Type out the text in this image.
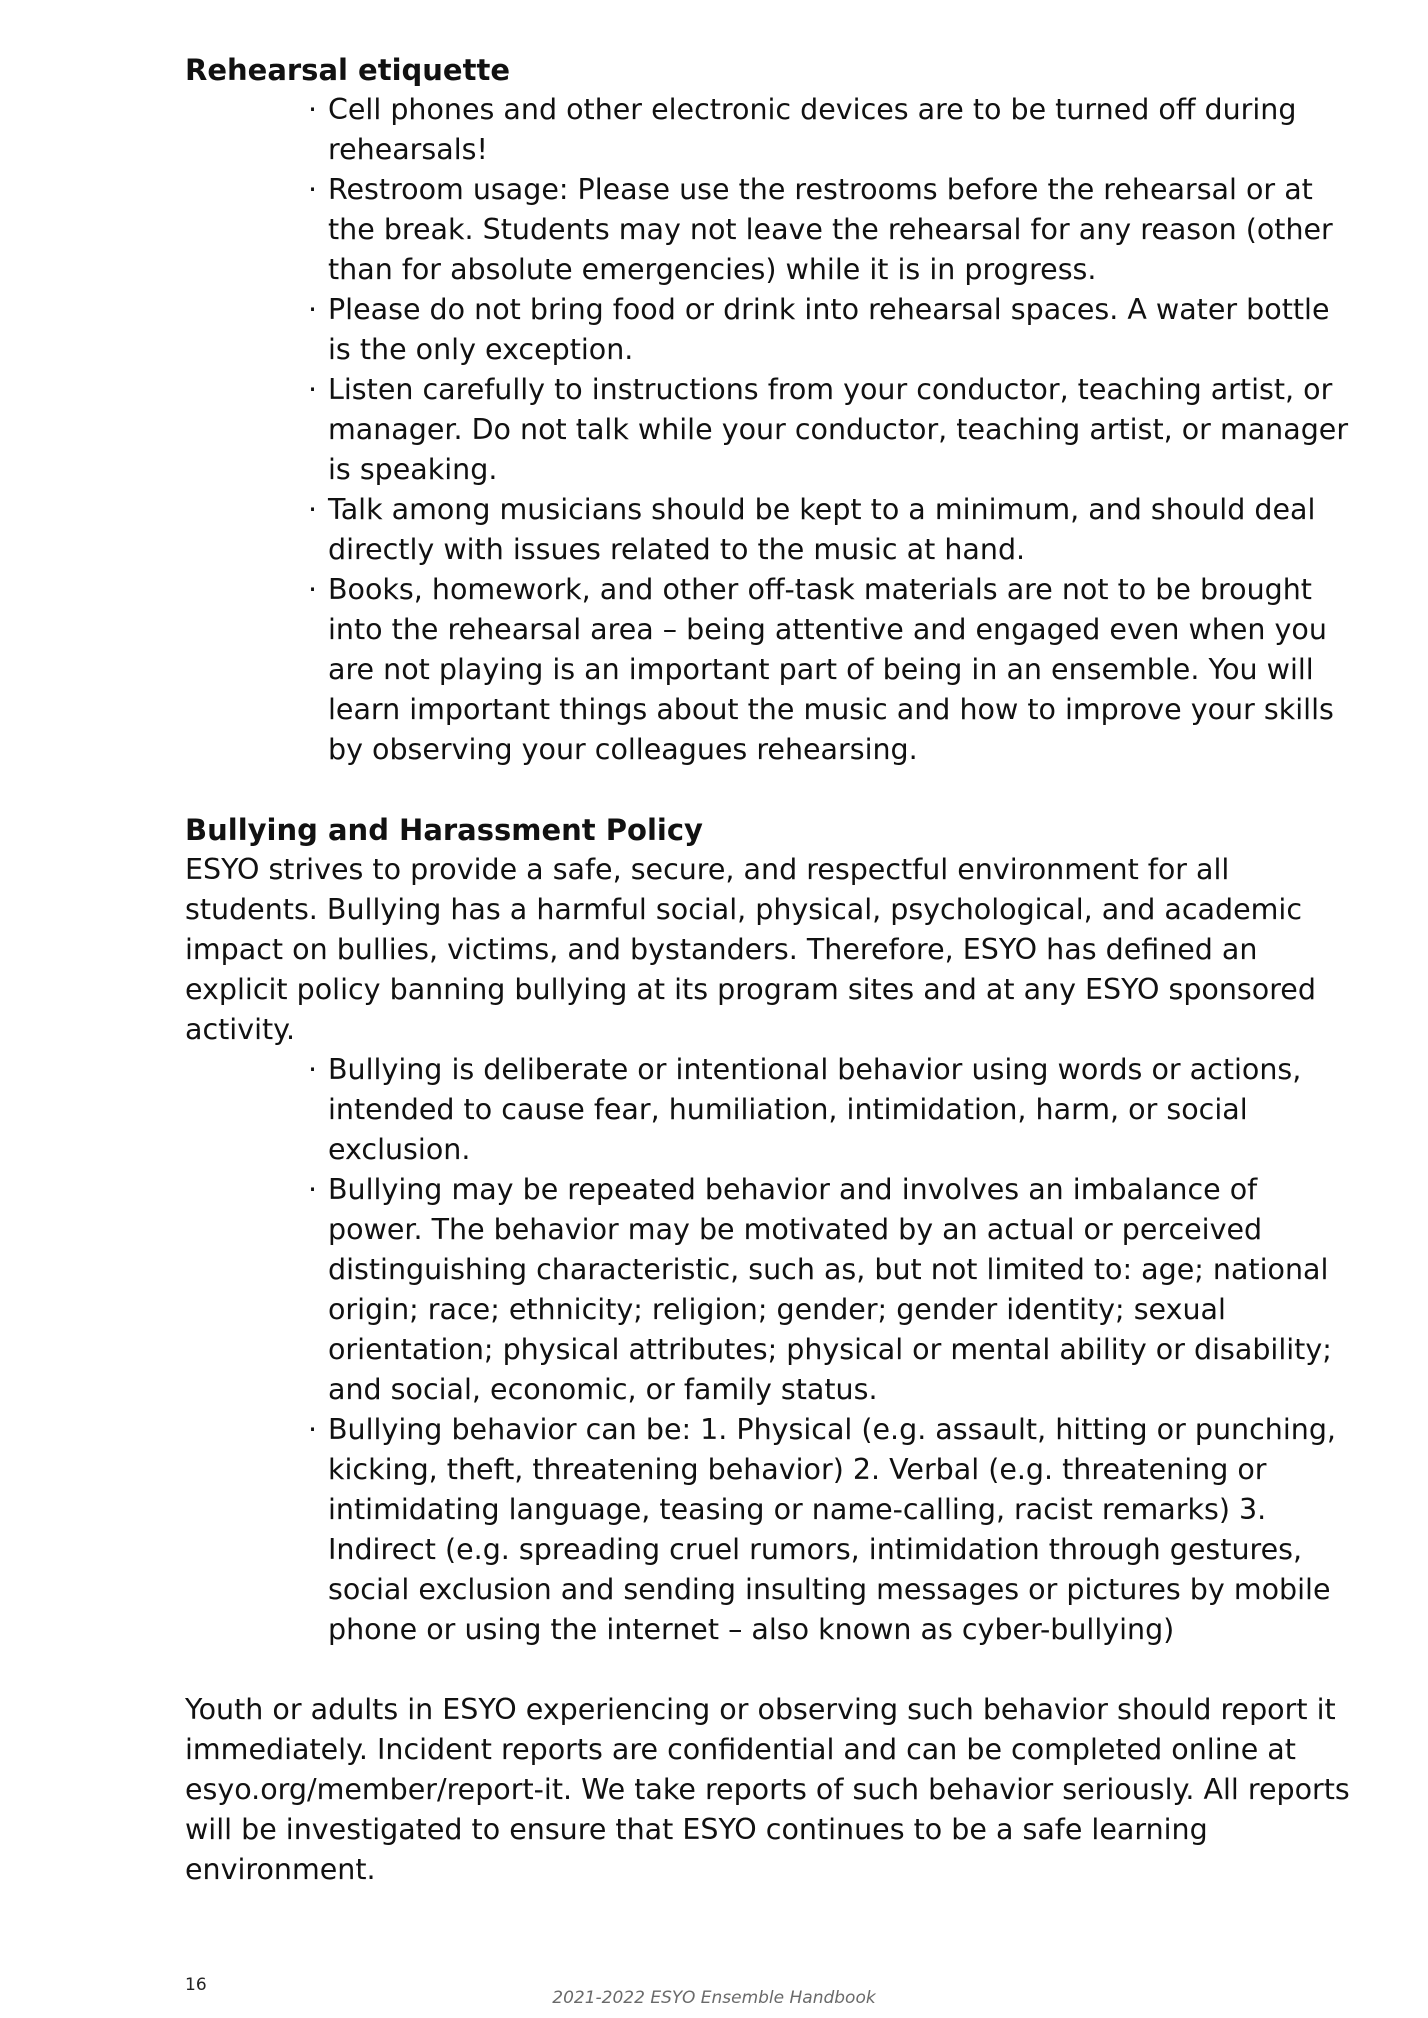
Rehearsal etiquette
· Cell phones and other electronic devices are to be turned off during rehearsals!
· Restroom usage: Please use the restrooms before the rehearsal or at the break. Students may not leave the rehearsal for any reason (other than for absolute emergencies) while it is in progress.
· Please do not bring food or drink into rehearsal spaces. A water bottle is the only exception.
· Listen carefully to instructions from your conductor, teaching artist, or manager. Do not talk while your conductor, teaching artist, or manager is speaking.
· Talk among musicians should be kept to a minimum, and should deal directly with issues related to the music at hand.
· Books, homework, and other off-task materials are not to be brought into the rehearsal area – being attentive and engaged even when you are not playing is an important part of being in an ensemble. You will learn important things about the music and how to improve your skills by observing your colleagues rehearsing.
Bullying and Harassment Policy

ESYO strives to provide a safe, secure, and respectful environment for all students. Bullying has a harmful social, physical, psychological, and academic impact on bullies, victims, and bystanders. Therefore, ESYO has defined an explicit policy banning bullying at its program sites and at any ESYO sponsored activity.

· Bullying is deliberate or intentional behavior using words or actions, intended to cause fear, humiliation, intimidation, harm, or social exclusion.
· Bullying may be repeated behavior and involves an imbalance of power. The behavior may be motivated by an actual or perceived distinguishing characteristic, such as, but not limited to: age; national origin; race; ethnicity; religion; gender; gender identity; sexual orientation; physical attributes; physical or mental ability or disability; and social, economic, or family status.
· Bullying behavior can be: 1. Physical (e.g. assault, hitting or punching, kicking, theft, threatening behavior) 2. Verbal (e.g. threatening or intimidating language, teasing or name-calling, racist remarks) 3. Indirect (e.g. spreading cruel rumors, intimidation through gestures, social exclusion and sending insulting messages or pictures by mobile phone or using the internet – also known as cyber-bullying)

Youth or adults in ESYO experiencing or observing such behavior should report it immediately. Incident reports are confidential and can be completed online at esyo.org/member/report-it. We take reports of such behavior seriously. All reports will be investigated to ensure that ESYO continues to be a safe learning environment.

16
2021-2022 ESYO Ensemble Handbook
